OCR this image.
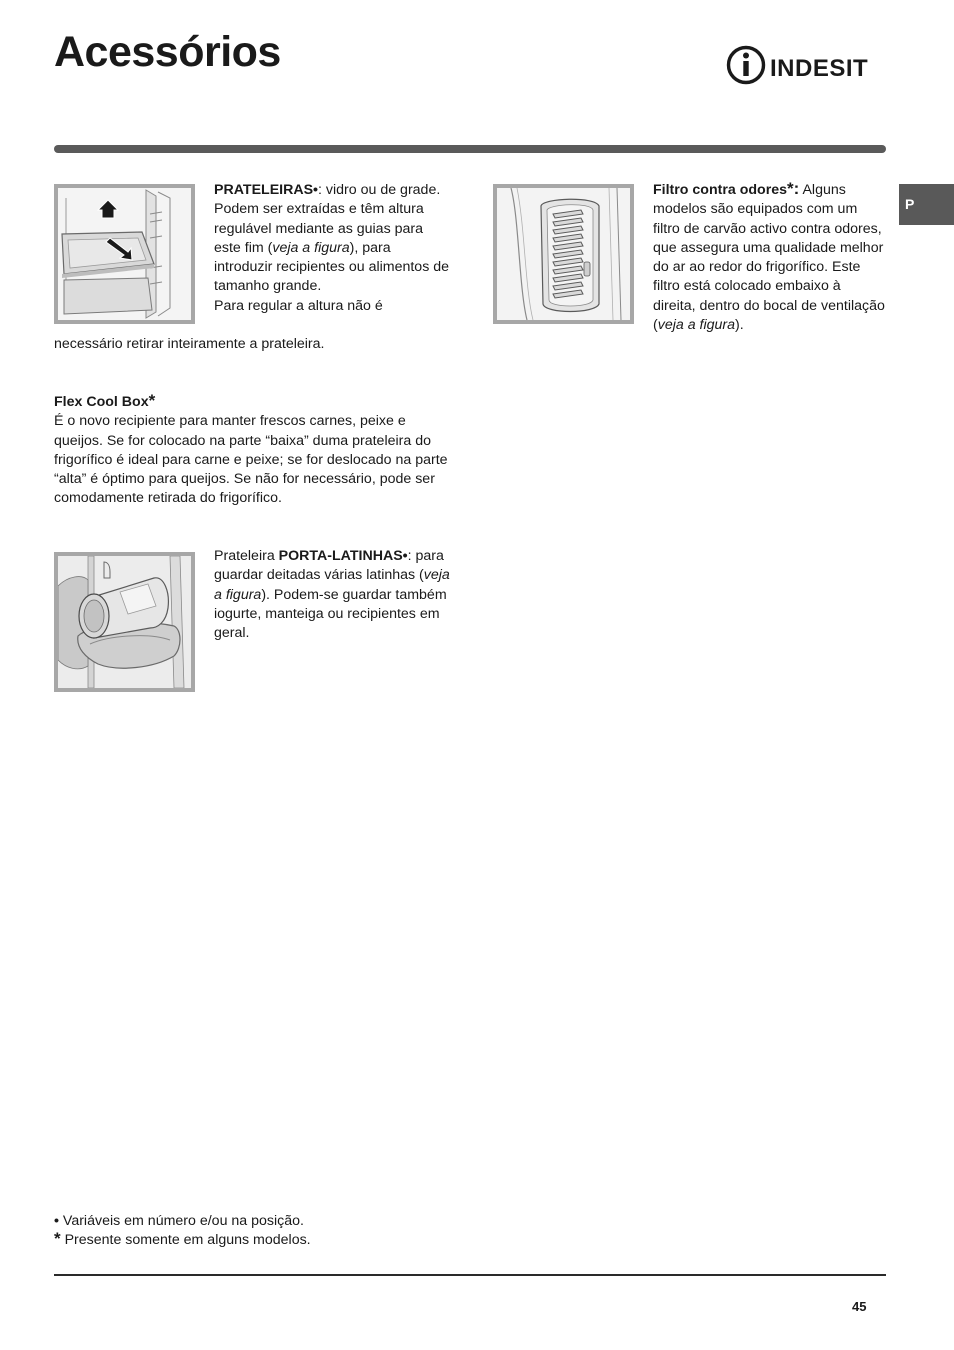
Acessórios	INDESIT
P

PRATELEIRAS•: vidro ou de grade.

Podem ser extraídas e têm altura regulável mediante as guias para este fim (veja a figura), para introduzir recipientes ou alimentos de tamanho grande.

Para regular a altura não é

necessário retirar inteiramente a prateleira.

Flex Cool Box*

É o novo recipiente para manter frescos carnes, peixe e queijos. Se for colocado na parte “baixa” duma prateleira do frigorífico é ideal para carne e peixe; se for deslocado na parte “alta” é óptimo para queijos. Se não for necessário, pode ser comodamente retirada do frigorífico.

Prateleira PORTA-LATINHAS•: para guardar deitadas várias latinhas (veja a figura). Podem-se guardar também iogurte, manteiga ou recipientes em geral.

Filtro contra odores*: Alguns modelos são equipados com um filtro de carvão activo contra odores, que assegura uma qualidade melhor do ar ao redor do frigorífico. Este filtro está colocado embaixo à direita, dentro do bocal de ventilação (veja a figura).

• Variáveis em número e/ou na posição.

* Presente somente em alguns modelos.

45
